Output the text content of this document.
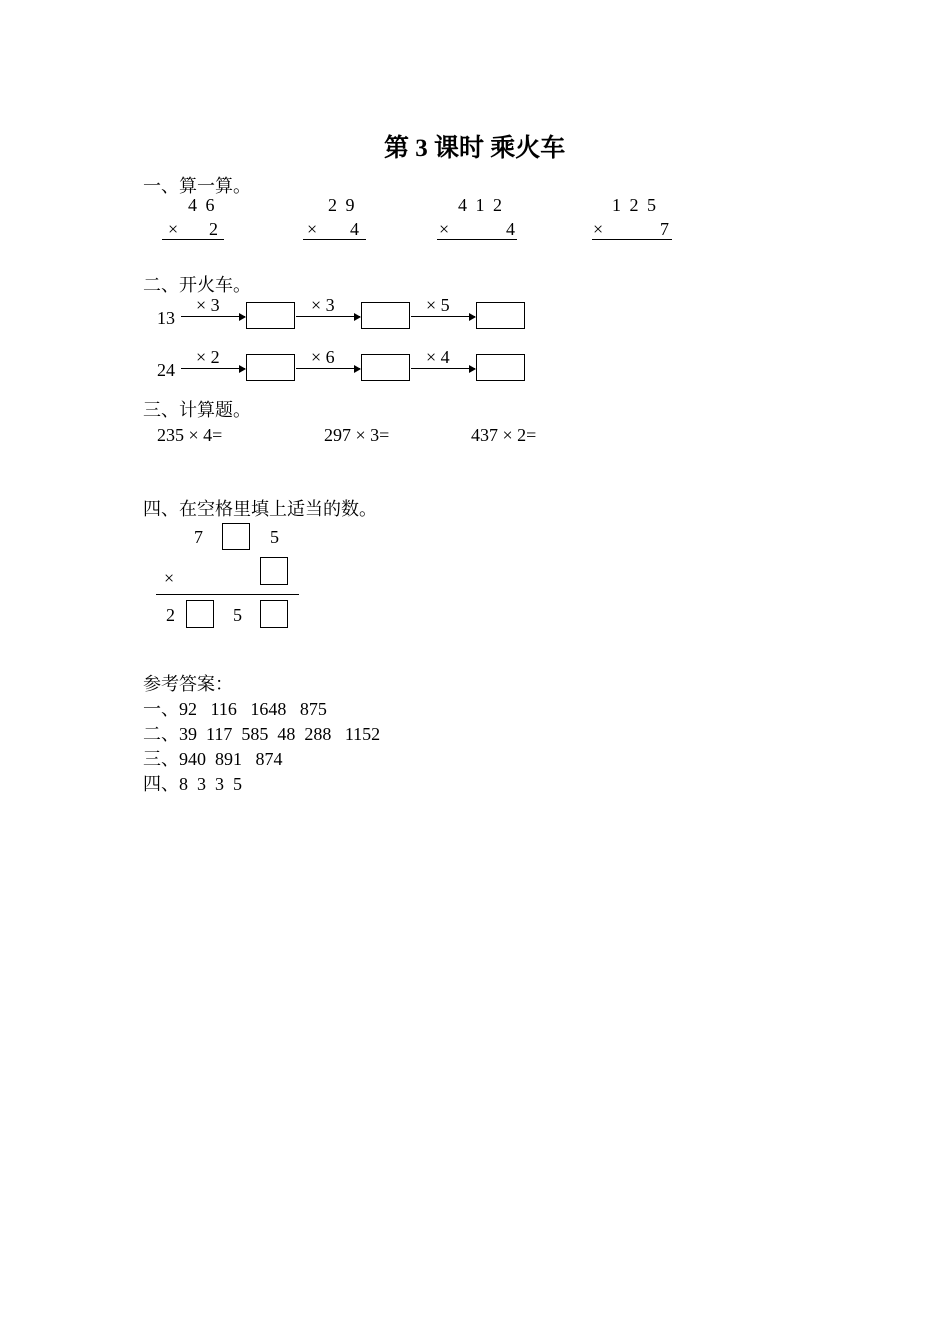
第 3 课时 乘火车
一、算一算。
4 6
× 2
2 9
× 4
4 1 2
×	4
1 2 5
×	7
二、开火车。
13
× 3	× 3	× 5
24
× 2	× 6	× 4
三、计算题。
235 × 4=	297 × 3=	437 × 2=
四、在空格里填上适当的数。
7	5
×
2	5
参考答案：
一、92   116   1648   875
二、39  117  585  48  288   1152
三、940  891   874
四、8  3  3  5
